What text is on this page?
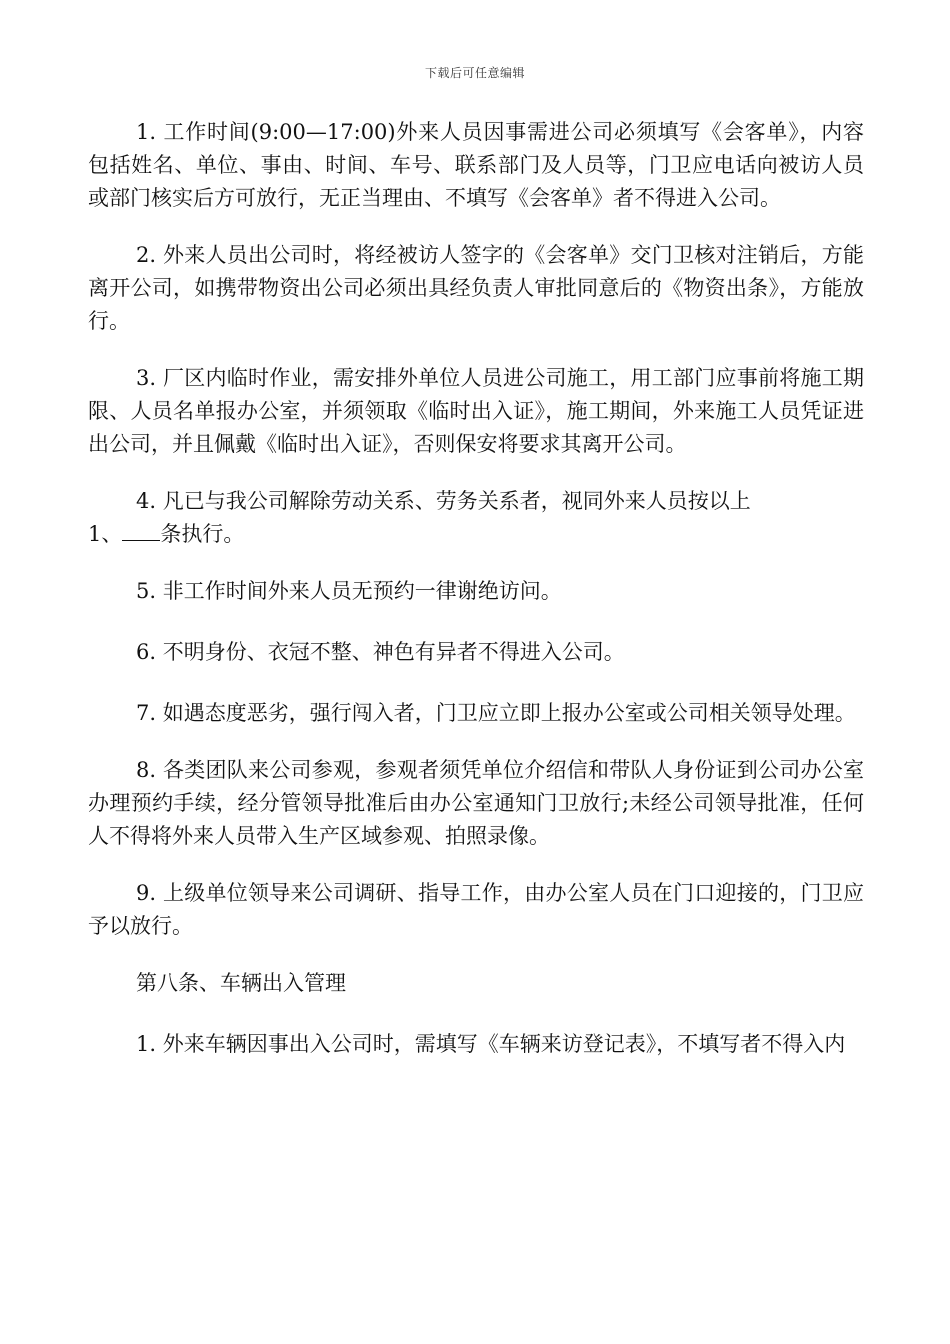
下载后可任意编辑

1. 工作时间(9:00—17:00)外来人员因事需进公司必须填写《会客单》，内容包括姓名、单位、事由、时间、车号、联系部门及人员等，门卫应电话向被访人员或部门核实后方可放行，无正当理由、不填写《会客单》者不得进入公司。

2. 外来人员出公司时，将经被访人签字的《会客单》交门卫核对注销后，方能离开公司，如携带物资出公司必须出具经负责人审批同意后的《物资出条》，方能放行。

3. 厂区内临时作业，需安排外单位人员进公司施工，用工部门应事前将施工期限、人员名单报办公室，并须领取《临时出入证》，施工期间，外来施工人员凭证进出公司，并且佩戴《临时出入证》，否则保安将要求其离开公司。

4. 凡已与我公司解除劳动关系、劳务关系者，视同外来人员按以上
1、 条执行。

5. 非工作时间外来人员无预约一律谢绝访问。

6. 不明身份、衣冠不整、神色有异者不得进入公司。

7. 如遇态度恶劣，强行闯入者，门卫应立即上报办公室或公司相关领导处理。

8. 各类团队来公司参观，参观者须凭单位介绍信和带队人身份证到公司办公室办理预约手续，经分管领导批准后由办公室通知门卫放行;未经公司领导批准，任何人不得将外来人员带入生产区域参观、拍照录像。

9. 上级单位领导来公司调研、指导工作，由办公室人员在门口迎接的，门卫应予以放行。

第八条、车辆出入管理

1. 外来车辆因事出入公司时，需填写《车辆来访登记表》，不填写者不得入内
